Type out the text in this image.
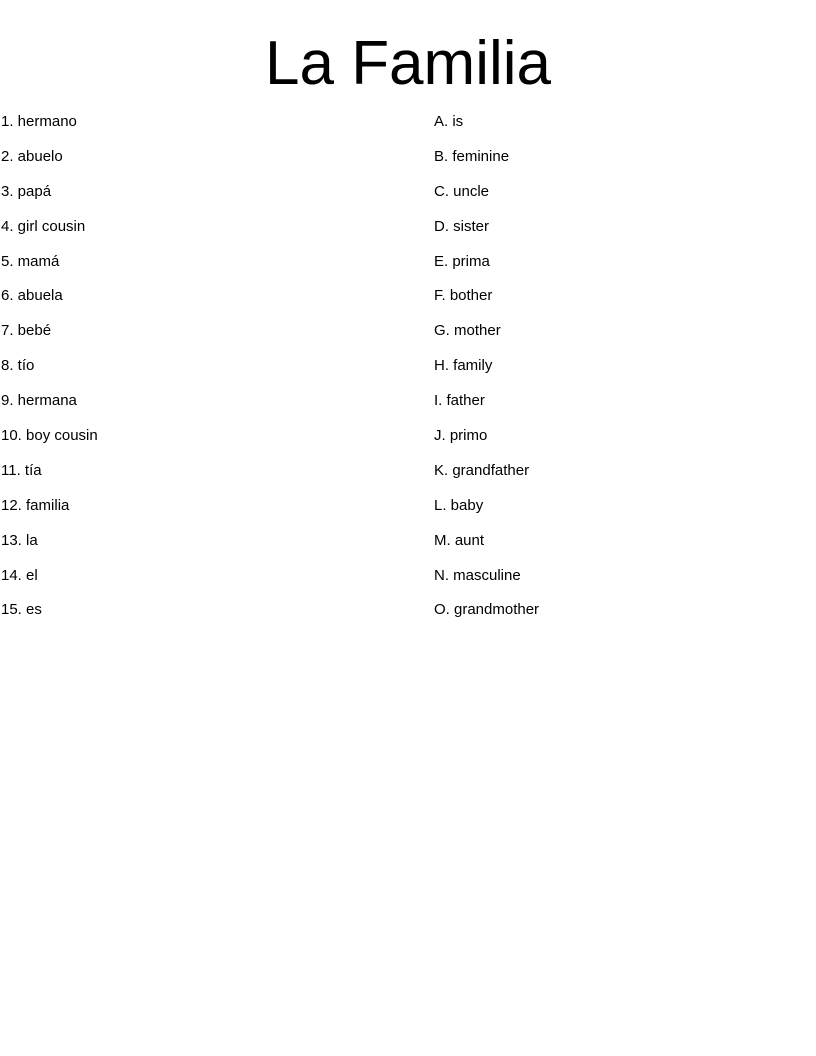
La Familia
1. hermano
2. abuelo
3. papá
4. girl cousin
5. mamá
6. abuela
7. bebé
8. tío
9. hermana
10. boy cousin
11. tía
12. familia
13. la
14. el
15. es
A. is
B. feminine
C. uncle
D. sister
E. prima
F. bother
G. mother
H. family
I. father
J. primo
K. grandfather
L. baby
M. aunt
N. masculine
O. grandmother
